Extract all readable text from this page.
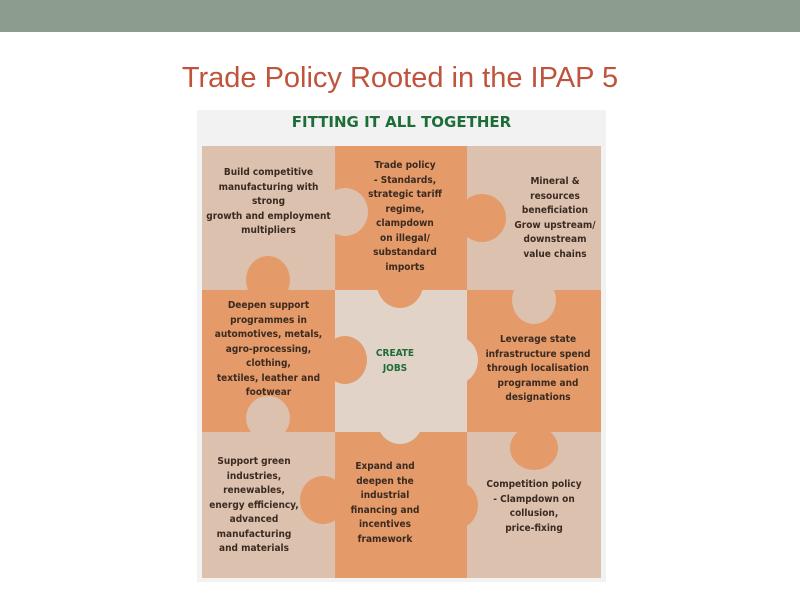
Trade Policy Rooted in the IPAP 5
FITTING IT ALL TOGETHER
Build competitive
manufacturing with strong
growth and employment
multipliers
Trade policy
- Standards,
strategic tariff
regime,
clampdown
on illegal/
substandard
imports
Mineral &
resources
beneficiation
Grow upstream/
downstream
value chains
Deepen support
programmes in
automotives, metals,
agro-processing, clothing,
textiles, leather and
footwear
CREATE
JOBS
Leverage state
infrastructure spend
through localisation
programme and
designations
Support green
industries,
renewables,
energy efficiency,
advanced
manufacturing
and materials
Expand and
deepen the
industrial
financing and
incentives
framework
Competition policy
- Clampdown on
collusion,
price-fixing
